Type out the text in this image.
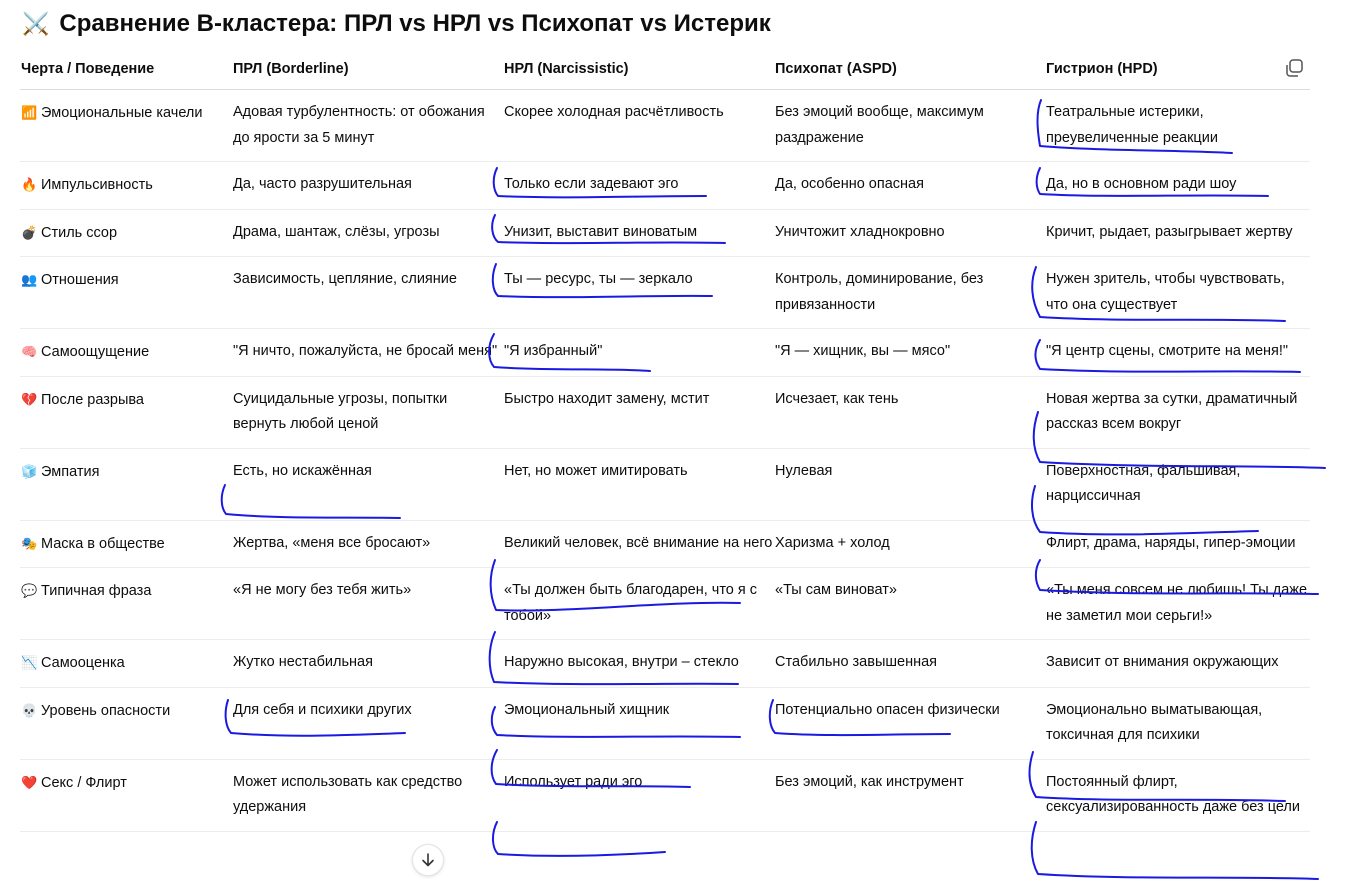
⚔️ Сравнение B-кластера: ПРЛ vs НРЛ vs Психопат vs Истерик
Черта / Поведение	ПРЛ (Borderline)	НРЛ (Narcissistic)	Психопат (ASPD)	Гистрион (HPD)
📶 Эмоциональные качели	Адовая турбулентность: от обожания до ярости за 5 минут	Скорее холодная расчётливость	Без эмоций вообще, максимум раздражение	Театральные истерики, преувеличенные реакции
🔥 Импульсивность	Да, часто разрушительная	Только если задевают эго	Да, особенно опасная	Да, но в основном ради шоу
💣 Стиль ссор	Драма, шантаж, слёзы, угрозы	Унизит, выставит виноватым	Уничтожит хладнокровно	Кричит, рыдает, разыгрывает жертву
👥 Отношения	Зависимость, цепляние, слияние	Ты — ресурс, ты — зеркало	Контроль, доминирование, без привязанности	Нужен зритель, чтобы чувствовать, что она существует
🧠 Самоощущение	"Я ничто, пожалуйста, не бросай меня"	"Я избранный"	"Я — хищник, вы — мясо"	"Я центр сцены, смотрите на меня!"
💔 После разрыва	Суицидальные угрозы, попытки вернуть любой ценой	Быстро находит замену, мстит	Исчезает, как тень	Новая жертва за сутки, драматичный рассказ всем вокруг
🧊 Эмпатия	Есть, но искажённая	Нет, но может имитировать	Нулевая	Поверхностная, фальшивая, нарциссичная
🎭 Маска в обществе	Жертва, «меня все бросают»	Великий человек, всё внимание на него	Харизма + холод	Флирт, драма, наряды, гипер-эмоции
💬 Типичная фраза	«Я не могу без тебя жить»	«Ты должен быть благодарен, что я с тобой»	«Ты сам виноват»	«Ты меня совсем не любишь! Ты даже не заметил мои серьги!»
📉 Самооценка	Жутко нестабильная	Наружно высокая, внутри – стекло	Стабильно завышенная	Зависит от внимания окружающих
💀 Уровень опасности	Для себя и психики других	Эмоциональный хищник	Потенциально опасен физически	Эмоционально выматывающая, токсичная для психики
❤️ Секс / Флирт	Может использовать как средство удержания	Использует ради эго	Без эмоций, как инструмент	Постоянный флирт, сексуализированность даже без цели
